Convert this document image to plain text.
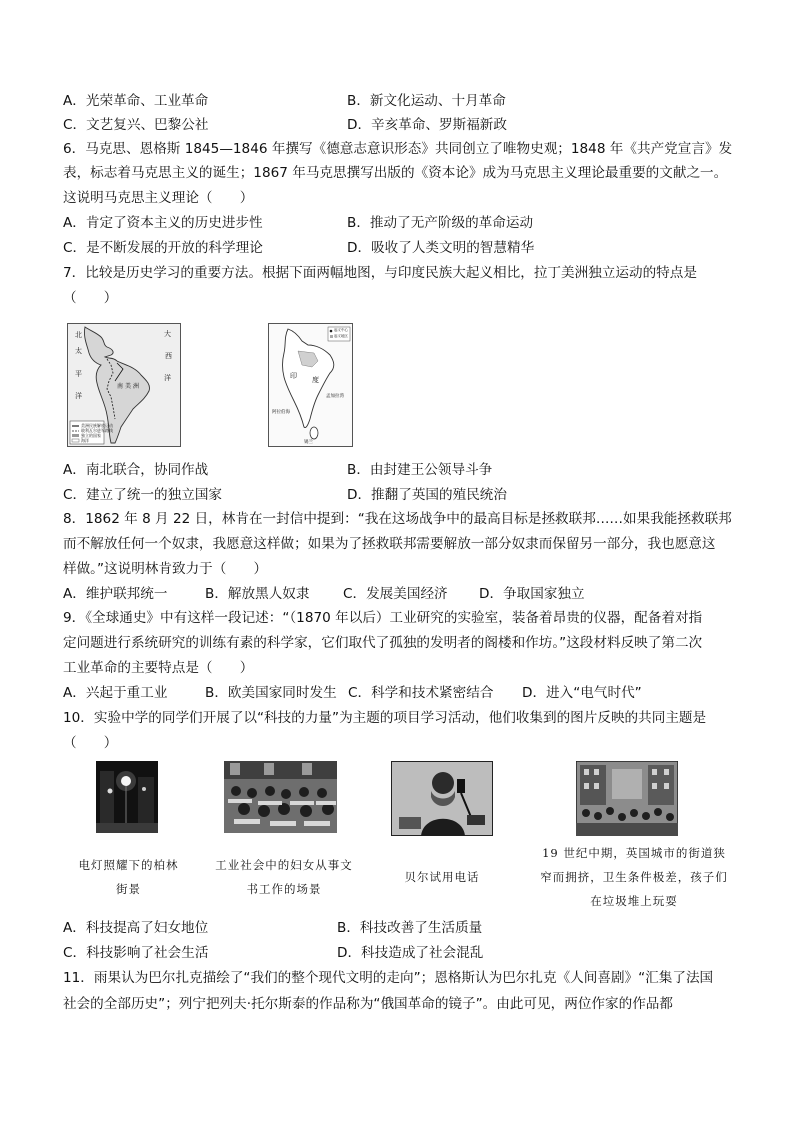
A．光荣革命、工业革命	B．新文化运动、十月革命
C．文艺复兴、巴黎公社	D．辛亥革命、罗斯福新政
6．马克思、恩格斯 1845—1846 年撰写《德意志意识形态》共同创立了唯物史观；1848 年《共产党宣言》发
表，标志着马克思主义的诞生；1867 年马克思撰写出版的《资本论》成为马克思主义理论最重要的文献之一。
这说明马克思主义理论（　　）
A．肯定了资本主义的历史进步性	B．推动了无产阶级的革命运动
C．是不断发展的开放的科学理论	D．吸收了人类文明的智慧精华
7．比较是历史学习的重要方法。根据下面两幅地图，与印度民族大起义相比，拉丁美洲独立运动的特点是
（　　）
北	大
西
洋
太
平
洋
南 美 洲
美洲民族解放运动
玻利瓦尔进军路线
独立的国家
海洋
印 度
孟加拉湾
阿拉伯海
锡兰
起义中心
起义地区
A．南北联合，协同作战	B．由封建王公领导斗争
C．建立了统一的独立国家	D．推翻了英国的殖民统治
8．1862 年 8 月 22 日，林肯在一封信中提到：“我在这场战争中的最高目标是拯救联邦……如果我能拯救联邦
而不解放任何一个奴隶，我愿意这样做；如果为了拯救联邦需要解放一部分奴隶而保留另一部分，我也愿意这
样做。”这说明林肯致力于（　　）
A．维护联邦统一	B．解放黑人奴隶 C．发展美国经济 D．争取国家独立
9．《全球通史》中有这样一段记述：“（1870 年以后）工业研究的实验室，装备着昂贵的仪器，配备着对指
定问题进行系统研究的训练有素的科学家，它们取代了孤独的发明者的阁楼和作坊。”这段材料反映了第二次
工业革命的主要特点是（　　）
A．兴起于重工业	B．欧美国家同时发生 C．科学和技术紧密结合 D．进入“电气时代”
10．实验中学的同学们开展了以“科技的力量”为主题的项目学习活动，他们收集到的图片反映的共同主题是
（　　）
电灯照耀下的柏林
街景
工业社会中的妇女从事文
书工作的场景
贝尔试用电话
19 世纪中期，英国城市的街道狭
窄而拥挤，卫生条件极差，孩子们
在垃圾堆上玩耍
A．科技提高了妇女地位	B．科技改善了生活质量
C．科技影响了社会生活	D．科技造成了社会混乱
11．雨果认为巴尔扎克描绘了“我们的整个现代文明的走向”；恩格斯认为巴尔扎克《人间喜剧》“汇集了法国
社会的全部历史”；列宁把列夫·托尔斯泰的作品称为“俄国革命的镜子”。由此可见，两位作家的作品都
